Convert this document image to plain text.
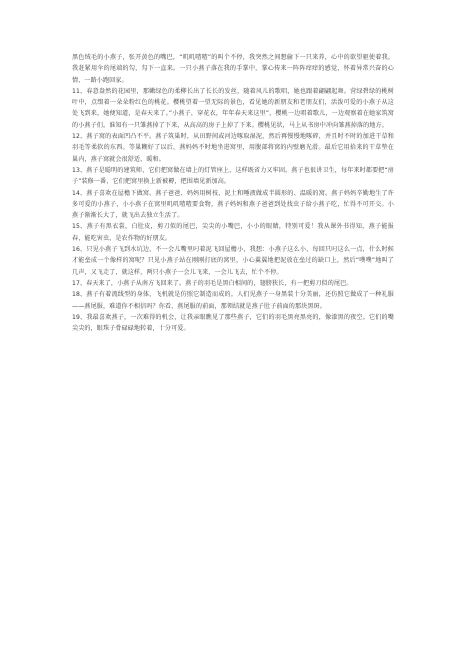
黑色绒毛的小燕子，张开黄色的嘴巴，“叽叽喳喳”的叫个不停，我突然之间想偷下一只来养，心中的欲望驱使着我。我赶紧用伞的尾端的勾，勾下一直来。一只小燕子落在我的手掌中，掌心传来一阵阵痒痒的感觉，怀着异常兴奋的心情，一路小跑回家。

11、春意盎然的花园里，那嫩绿色的柔柳长出了长长的发丝，随着风儿的歌唱，她也跟着翩翩起舞。营绿碧绿的桃树叶中，点缀着一朵朵粉红色的桃花。樱桃望着一望无际的景色，看见她的新朋友和老朋友们，活泼可爱的小燕子从这处飞到来，她便知道，是春天来了。”小燕子，穿花衣，年年春天来这里”，樱桃一边唱着歌儿，一边观察着在她家筑窝的小燕子们。谁知有一只雏燕掉了下来，从高高的房子上掉了下来。樱桃见状，马上从书房中冲向雏燕掉落的地方。

12、燕子窝的表面凹凸不平。燕子筑巢时，从田野间或河边啄取湿泥，然后再慢慢地啄碎，并且时不时的加进干草和羽毛等柔软的东西。等巢糊好了以后，燕妈妈不时地坐进窝里，用腹部将窝的内壁磨光滑。最后它用拾来的干草垫在巢内，燕子窝就会很舒适、暖和。

13、燕子是聪明的建筑师，它们把窝做在墙上的灯管座上，这样既省力又牢固。燕子也很讲卫生，每年来时都要把“房子”装修一番，它们把窝里换上新被褥，把围墙见新加高。

14、燕子喜欢在屋檐下做窝。燕子爸爸、妈妈用树枝、泥土和唾液做成半圆形的、温暖的窝。燕子妈妈辛勤地生了许多可爱的小燕子，小小燕子在窝里叽叽喳喳要食物，燕子妈妈和燕子爸爸到处找虫子给小燕子吃，忙得不可开交。小燕子渐渐长大了，就飞出去独立生活了。

15、燕子有黑衣裳，白肚皮，剪刀似的尾巴，尖尖的小嘴巴，小小的眼睛，特别可爱！我从课外书得知，燕子能报春，能吃害虫，是农作物的好朋友。

16、只见小燕子飞到水坑边，不一会儿嘴里叼着泥飞回屋檐小，我想：小燕子这么小，每回只叼这么一点，什么时候才能垒成一个像样的窝呢？只见小燕子站在刚刚打底的窝里，小心翼翼地把泥放在垒过的缺口上，然后“噗噗”地叫了几声，又飞走了，就这样，两只小燕子一会儿飞来，一会儿飞去，忙个不停。

17、春天来了，小燕子从南方飞回来了。燕子的羽毛是黑白相间的，翅膀狭长，有一把剪刀似的尾巴。

18、燕子有着流线型的身体，飞机就是仿照它制造而成的。人们见燕子一身黑装十分美丽，还仿照它做成了一种礼服——燕尾服，难道你不相信吗？你看，燕尾服的前面，那领结就是燕子肚子前面的那块黑斑。

19、我最喜欢燕子，一次难得的机会，让我亲眼瞧见了那些燕子，它们的羽毛黑亮黑亮的，像漆黑的夜空。它们的嘴尖尖的，眼珠子骨碌碌地转着，十分可爱。
